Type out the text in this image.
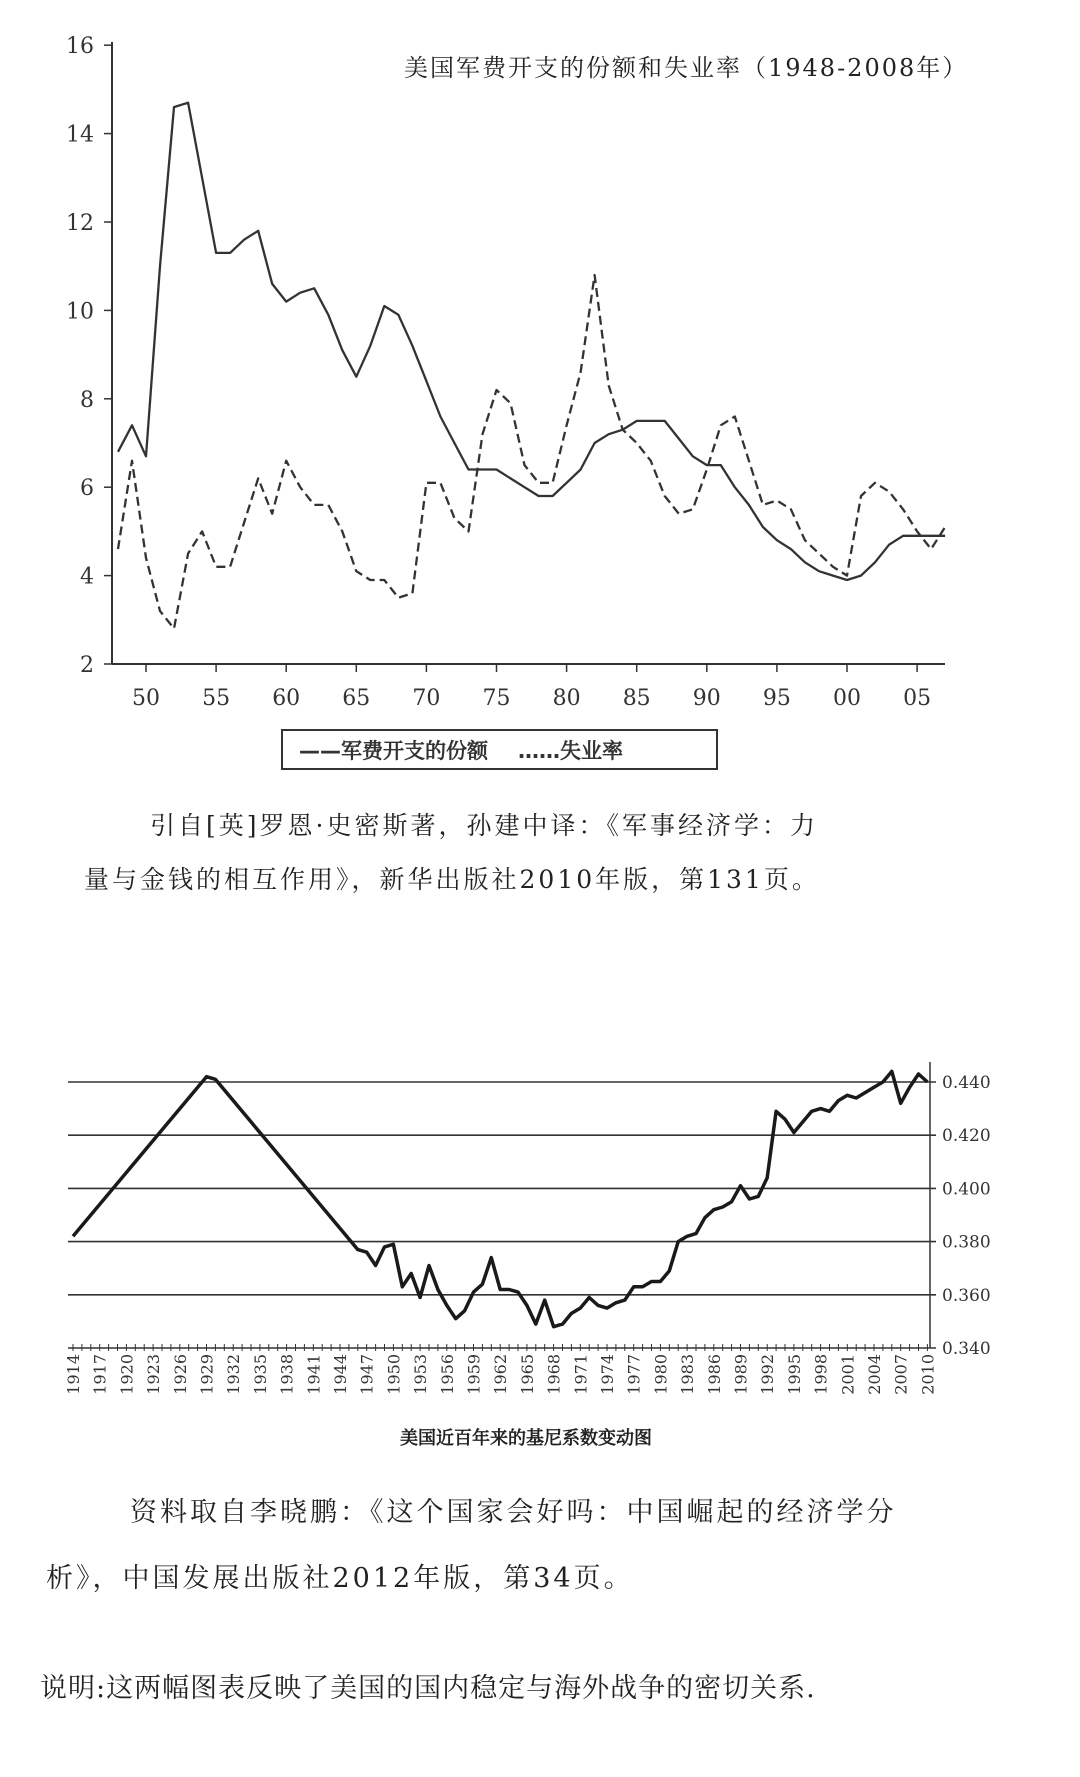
16
14
12
10
8
6
4
2
50 55 60 65 70 75 80 85 90 95 00 05
0.440
0.420
0.400
0.380
0.360
0.340
1914 1917 1920 1923 1926 1929 1932 1935 1938 1941 1944 1947 1950 1953 1956 1959 1962 1965 1968 1971 1974 1977 1980 1983 1986 1989 1992 1995 1998 2001 2004 2007 2010
美国军费开支的份额和失业率（1948-2008年）
——军费开支的份额 ……失业率
引自[英]罗恩·史密斯著，孙建中译：《军事经济学：力
量与金钱的相互作用》，新华出版社2010年版，第131页。
美国近百年来的基尼系数变动图
资料取自李晓鹏：《这个国家会好吗：中国崛起的经济学分
析》，中国发展出版社2012年版，第34页。
说明:这两幅图表反映了美国的国内稳定与海外战争的密切关系.
